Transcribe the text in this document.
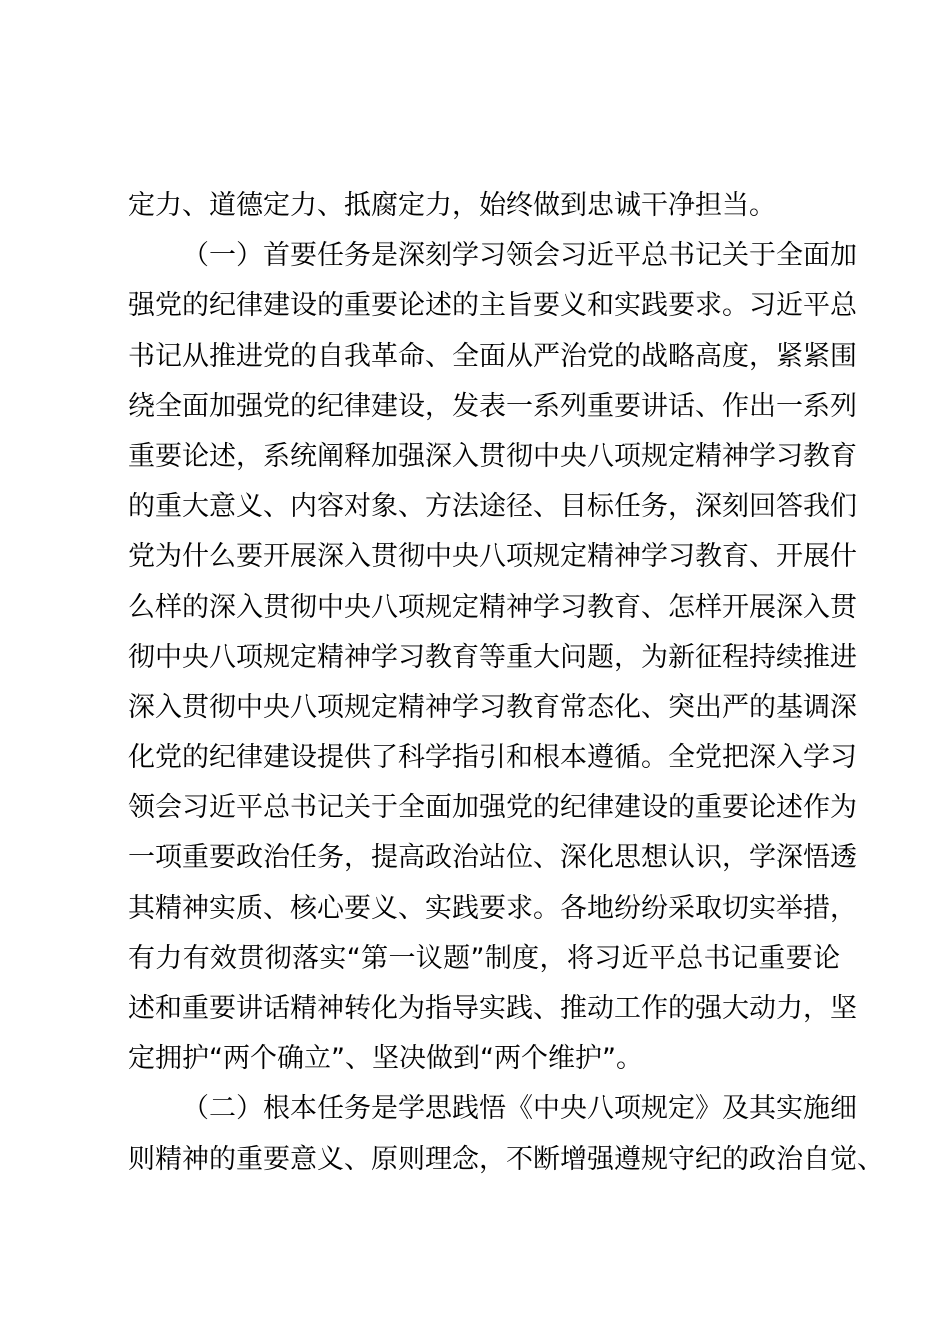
定力、道德定力、抵腐定力，始终做到忠诚干净担当。
（一）首要任务是深刻学习领会习近平总书记关于全面加
强党的纪律建设的重要论述的主旨要义和实践要求。习近平总
书记从推进党的自我革命、全面从严治党的战略高度，紧紧围
绕全面加强党的纪律建设，发表一系列重要讲话、作出一系列
重要论述，系统阐释加强深入贯彻中央八项规定精神学习教育
的重大意义、内容对象、方法途径、目标任务，深刻回答我们
党为什么要开展深入贯彻中央八项规定精神学习教育、开展什
么样的深入贯彻中央八项规定精神学习教育、怎样开展深入贯
彻中央八项规定精神学习教育等重大问题，为新征程持续推进
深入贯彻中央八项规定精神学习教育常态化、突出严的基调深
化党的纪律建设提供了科学指引和根本遵循。全党把深入学习
领会习近平总书记关于全面加强党的纪律建设的重要论述作为
一项重要政治任务，提高政治站位、深化思想认识，学深悟透
其精神实质、核心要义、实践要求。各地纷纷采取切实举措，
有力有效贯彻落实“第一议题”制度，将习近平总书记重要论
述和重要讲话精神转化为指导实践、推动工作的强大动力，坚
定拥护“两个确立”、坚决做到“两个维护”。
（二）根本任务是学思践悟《中央八项规定》及其实施细
则精神的重要意义、原则理念，不断增强遵规守纪的政治自觉、
